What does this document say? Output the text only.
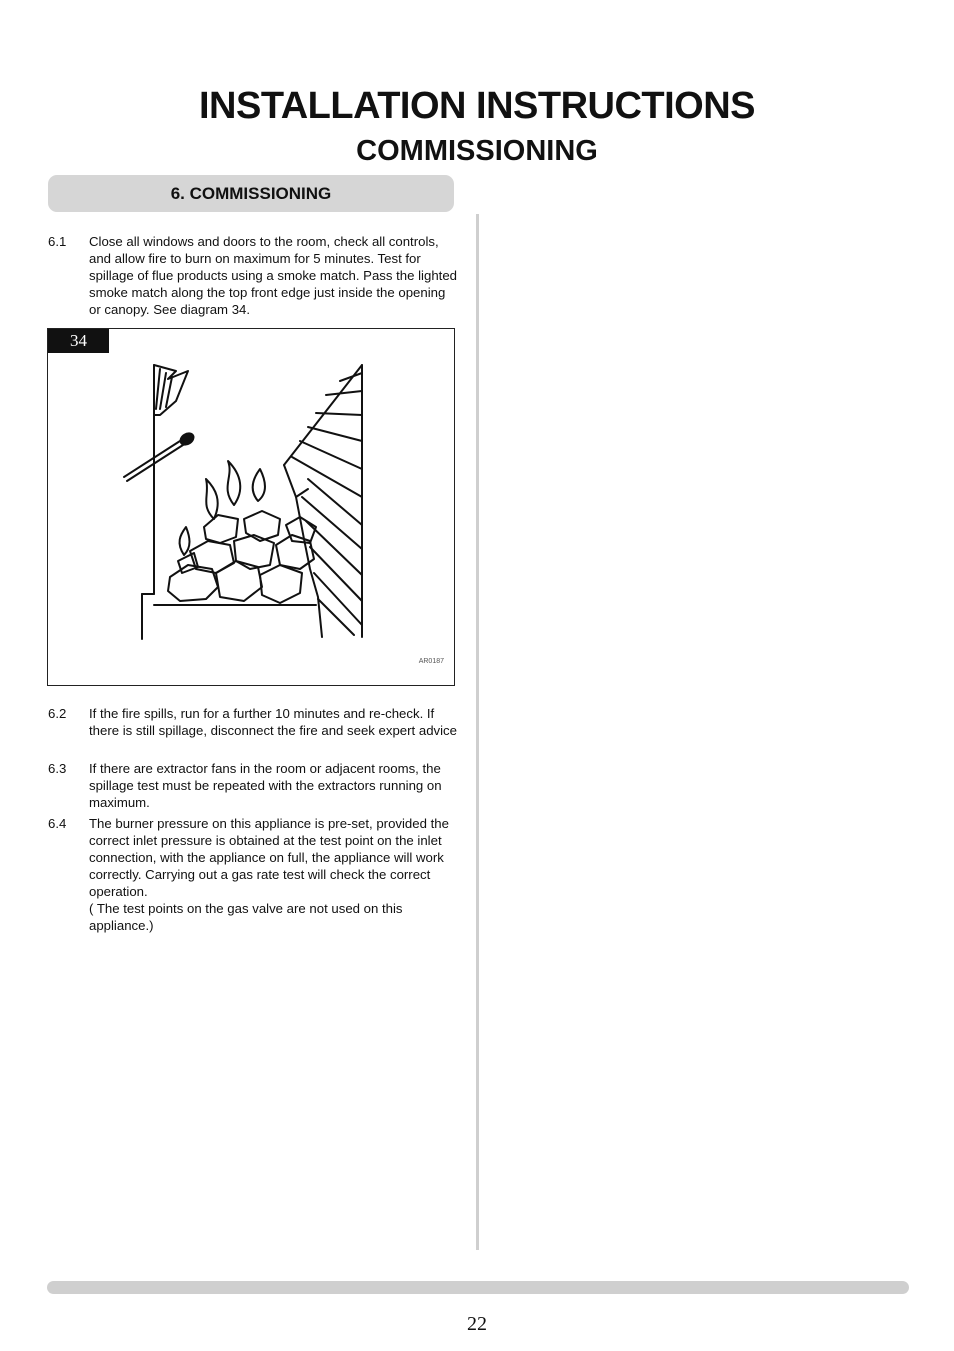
INSTALLATION INSTRUCTIONS
COMMISSIONING
6. COMMISSIONING
6.1	Close all windows and doors to the room, check all controls, and allow fire to burn on maximum for 5 minutes. Test for spillage of flue products using a smoke match. Pass the lighted smoke match along the top front edge just inside the opening or canopy. See diagram 34.
34
AR0187
6.2	If the fire spills, run for a further 10 minutes and re-check. If there is still spillage, disconnect the fire and seek expert advice
6.3	If there are extractor fans in the room or adjacent rooms, the spillage test must be repeated with the extractors running on maximum.
6.4	The burner pressure on this appliance is pre-set, provided the correct inlet pressure is obtained at the test point on the inlet connection, with the appliance on full, the appliance will work correctly. Carrying out a gas rate test will check the correct operation.
( The test points on the gas valve are not used on this appliance.)
22
